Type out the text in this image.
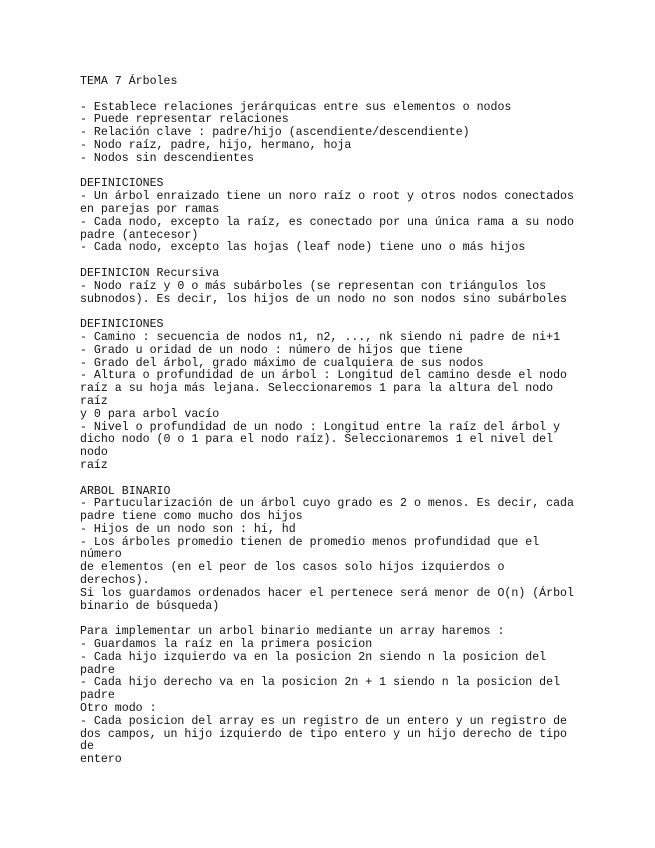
TEMA 7 Árboles

- Establece relaciones jerárquicas entre sus elementos o nodos

- Puede representar relaciones

- Relación clave : padre/hijo (ascendiente/descendiente)

- Nodo raíz, padre, hijo, hermano, hoja

- Nodos sin descendientes

DEFINICIONES

- Un árbol enraizado tiene un noro raíz o root y otros nodos conectados

en parejas por ramas

- Cada nodo, excepto la raíz, es conectado por una única rama a su nodo

padre (antecesor)

- Cada nodo, excepto las hojas (leaf node) tiene uno o más hijos

DEFINICION Recursiva

- Nodo raíz y 0 o más subárboles (se representan con triángulos los

subnodos). Es decir, los hijos de un nodo no son nodos sino subárboles

DEFINICIONES

- Camino : secuencia de nodos n1, n2, ..., nk siendo ni padre de ni+1

- Grado u oridad de un nodo : número de hijos que tiene

- Grado del árbol, grado máximo de cualquiera de sus nodos

- Altura o profundidad de un árbol : Longitud del camino desde el nodo

raíz a su hoja más lejana. Seleccionaremos 1 para la altura del nodo raíz

y 0 para arbol vacío

- Nivel o profundidad de un nodo : Longitud entre la raíz del árbol y

dicho nodo (0 o 1 para el nodo raíz). Seleccionaremos 1 el nivel del nodo

raíz

ARBOL BINARIO

- Partucularización de un árbol cuyo grado es 2 o menos. Es decir, cada

padre tiene como mucho dos hijos

- Hijos de un nodo son : hi, hd

- Los árboles promedio tienen de promedio menos profundidad que el número

de elementos (en el peor de los casos solo hijos izquierdos o derechos).

Si los guardamos ordenados hacer el pertenece será menor de O(n) (Árbol

binario de búsqueda)

Para implementar un arbol binario mediante un array haremos :

- Guardamos la raíz en la primera posicion

- Cada hijo izquierdo va en la posicion 2n siendo n la posicion del padre

- Cada hijo derecho va en la posicion 2n + 1 siendo n la posicion del

padre

Otro modo :

- Cada posicion del array es un registro de un entero y un registro de

dos campos, un hijo izquierdo de tipo entero y un hijo derecho de tipo de

entero
